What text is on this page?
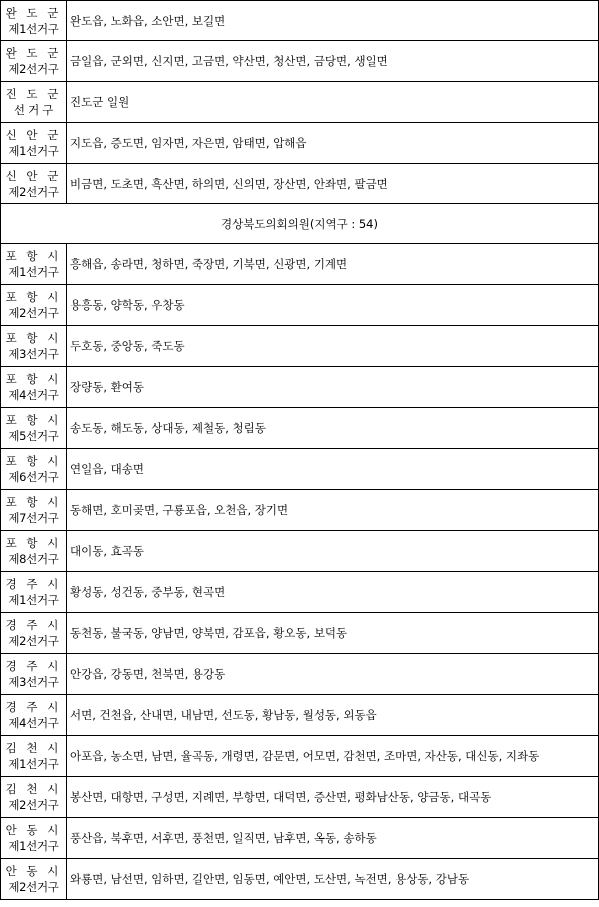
완 도 군
제1선거구	완도읍, 노화읍, 소안면, 보길면

완 도 군
제2선거구	금일읍, 군외면, 신지면, 고금면, 약산면, 청산면, 금당면, 생일면

진 도 군
선 거 구	진도군 일원

신 안 군
제1선거구	지도읍, 증도면, 임자면, 자은면, 암태면, 압해읍

신 안 군
제2선거구	비금면, 도초면, 흑산면, 하의면, 신의면, 장산면, 안좌면, 팔금면
경상북도의회의원(지역구 : 54)	

포 항 시
제1선거구	흥해읍, 송라면, 청하면, 죽장면, 기북면, 신광면, 기계면

포 항 시
제2선거구	용흥동, 양학동, 우창동

포 항 시
제3선거구	두호동, 중앙동, 죽도동

포 항 시
제4선거구	장량동, 환여동

포 항 시
제5선거구	송도동, 해도동, 상대동, 제철동, 청림동

포 항 시
제6선거구	연일읍, 대송면

포 항 시
제7선거구	동해면, 호미곶면, 구룡포읍, 오천읍, 장기면

포 항 시
제8선거구	대이동, 효곡동

경 주 시
제1선거구	황성동, 성건동, 중부동, 현곡면

경 주 시
제2선거구	동천동, 불국동, 양남면, 양북면, 감포읍, 황오동, 보덕동

경 주 시
제3선거구	안강읍, 강동면, 천북면, 용강동

경 주 시
제4선거구	서면, 건천읍, 산내면, 내남면, 선도동, 황남동, 월성동, 외동읍

김 천 시
제1선거구	아포읍, 농소면, 남면, 율곡동, 개령면, 감문면, 어모면, 감천면, 조마면, 자산동, 대신동, 지좌동

김 천 시
제2선거구	봉산면, 대항면, 구성면, 지례면, 부항면, 대덕면, 증산면, 평화남산동, 양금동, 대곡동

안 동 시
제1선거구	풍산읍, 북후면, 서후면, 풍천면, 일직면, 남후면, 옥동, 송하동

안 동 시
제2선거구	와룡면, 남선면, 임하면, 길안면, 임동면, 예안면, 도산면, 녹전면, 용상동, 강남동
